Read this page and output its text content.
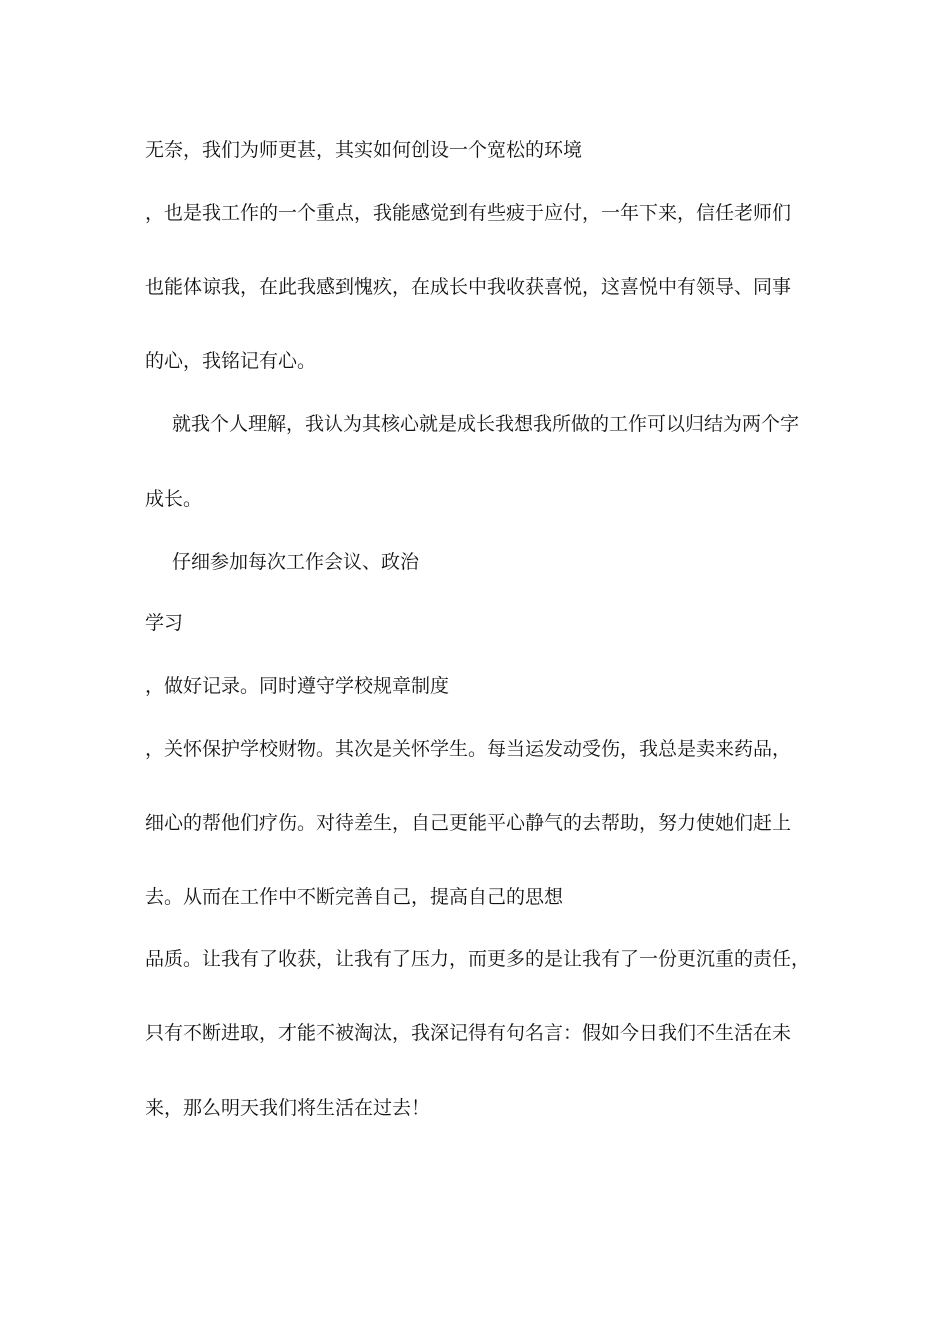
无奈，我们为师更甚，其实如何创设一个宽松的环境
，也是我工作的一个重点，我能感觉到有些疲于应付，一年下来，信任老师们
也能体谅我，在此我感到愧疚，在成长中我收获喜悦，这喜悦中有领导、同事
的心，我铭记有心。
就我个人理解，我认为其核心就是成长我想我所做的工作可以归结为两个字
成长。
仔细参加每次工作会议、政治
学习
，做好记录。同时遵守学校规章制度
，关怀保护学校财物。其次是关怀学生。每当运发动受伤，我总是卖来药品，
细心的帮他们疗伤。对待差生，自己更能平心静气的去帮助，努力使她们赶上
去。从而在工作中不断完善自己，提高自己的思想
品质。让我有了收获，让我有了压力，而更多的是让我有了一份更沉重的责任，
只有不断进取，才能不被淘汰，我深记得有句名言：假如今日我们不生活在未
来，那么明天我们将生活在过去！
